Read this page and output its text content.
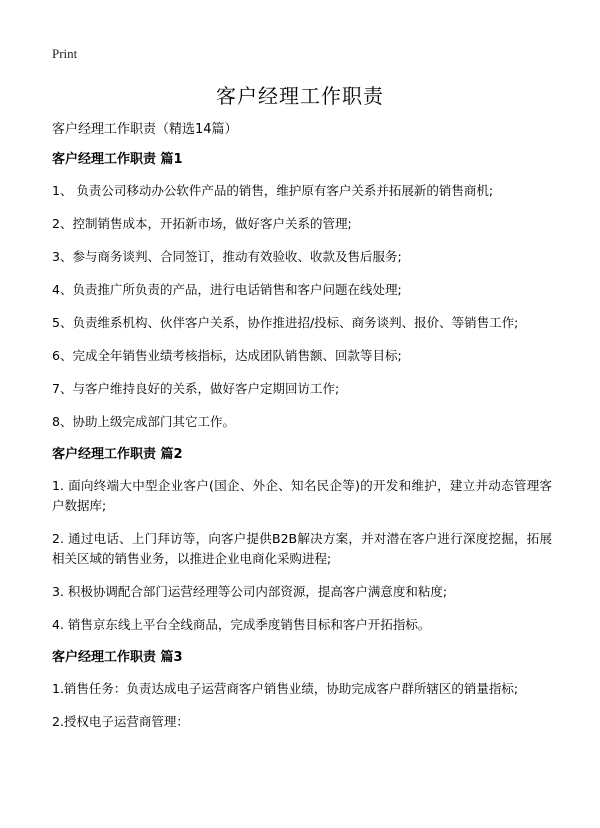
Print
客户经理工作职责
客户经理工作职责（精选14篇）
客户经理工作职责 篇1
1、 负责公司移动办公软件产品的销售，维护原有客户关系并拓展新的销售商机;
2、控制销售成本，开拓新市场，做好客户关系的管理;
3、参与商务谈判、合同签订，推动有效验收、收款及售后服务;
4、负责推广所负责的产品，进行电话销售和客户问题在线处理;
5、负责维系机构、伙伴客户关系，协作推进招/投标、商务谈判、报价、等销售工作;
6、完成全年销售业绩考核指标，达成团队销售额、回款等目标;
7、与客户维持良好的关系，做好客户定期回访工作;
8、协助上级完成部门其它工作。
客户经理工作职责 篇2
1. 面向终端大中型企业客户(国企、外企、知名民企等)的开发和维护，建立并动态管理客户数据库;
2. 通过电话、上门拜访等，向客户提供B2B解决方案，并对潜在客户进行深度挖掘，拓展相关区域的销售业务，以推进企业电商化采购进程;
3. 积极协调配合部门运营经理等公司内部资源，提高客户满意度和粘度;
4. 销售京东线上平台全线商品，完成季度销售目标和客户开拓指标。
客户经理工作职责 篇3
1.销售任务：负责达成电子运营商客户销售业绩，协助完成客户群所辖区的销量指标;
2.授权电子运营商管理：
